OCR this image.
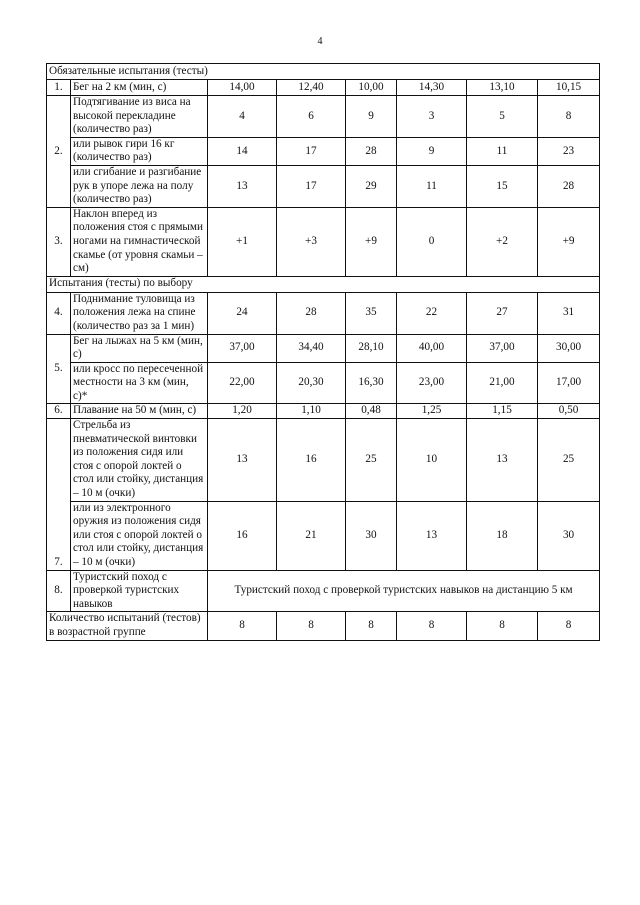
4
Обязательные испытания (тесты)							
1.	Бег на 2 км (мин, с)	14,00	12,40	10,00	14,30	13,10	10,15
2.	Подтягивание из виса на высокой перекладине (количество раз)	4	6	9	3	5	8
	или рывок гири 16 кг (количество раз)	14	17	28	9	11	23
	или сгибание и разгибание рук в упоре лежа на полу (количество раз)	13	17	29	11	15	28
3.	Наклон вперед из положения стоя с прямыми ногами на гимнастической скамье (от уровня скамьи – см)	+1	+3	+9	0	+2	+9
Испытания (тесты) по выбору							
4.	Поднимание туловища из положения лежа на спине (количество раз за 1 мин)	24	28	35	22	27	31
5.	Бег на лыжах на 5 км (мин, с)	37,00	34,40	28,10	40,00	37,00	30,00
	или кросс по пересеченной местности на 3 км (мин, с)*	22,00	20,30	16,30	23,00	21,00	17,00
6.	Плавание на 50 м (мин, с)	1,20	1,10	0,48	1,25	1,15	0,50
7.	Стрельба из пневматической винтовки из положения сидя или стоя с опорой локтей о стол или стойку, дистанция – 10 м (очки)	13	16	25	10	13	25
	или из электронного оружия из положения сидя или стоя с опорой локтей о стол или стойку, дистанция – 10 м (очки)	16	21	30	13	18	30
8.	Туристский поход с проверкой туристских навыков	Туристский поход с проверкой туристских навыков на дистанцию 5 км					
Количество испытаний (тестов) в возрастной группе		8	8	8	8	8	8
